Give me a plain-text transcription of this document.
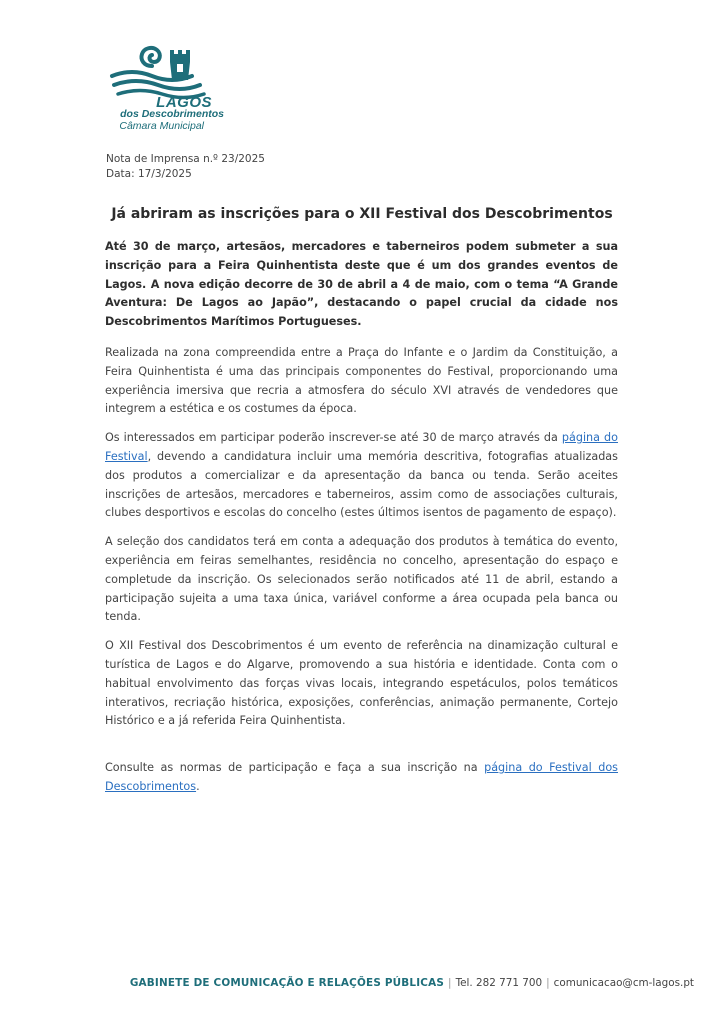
LAGOS
dos Descobrimentos
Câmara Municipal
Nota de Imprensa n.º 23/2025
Data: 17/3/2025
Já abriram as inscrições para o XII Festival dos Descobrimentos

Até 30 de março, artesãos, mercadores e taberneiros podem submeter a sua inscrição para a Feira Quinhentista deste que é um dos grandes eventos de Lagos. A nova edição decorre de 30 de abril a 4 de maio, com o tema “A Grande Aventura: De Lagos ao Japão”, destacando o papel crucial da cidade nos Descobrimentos Marítimos Portugueses.

Realizada na zona compreendida entre a Praça do Infante e o Jardim da Constituição, a Feira Quinhentista é uma das principais componentes do Festival, proporcionando uma experiência imersiva que recria a atmosfera do século XVI através de vendedores que integrem a estética e os costumes da época.

Os interessados em participar poderão inscrever-se até 30 de março através da página do Festival, devendo a candidatura incluir uma memória descritiva, fotografias atualizadas dos produtos a comercializar e da apresentação da banca ou tenda. Serão aceites inscrições de artesãos, mercadores e taberneiros, assim como de associações culturais, clubes desportivos e escolas do concelho (estes últimos isentos de pagamento de espaço).

A seleção dos candidatos terá em conta a adequação dos produtos à temática do evento, experiência em feiras semelhantes, residência no concelho, apresentação do espaço e completude da inscrição. Os selecionados serão notificados até 11 de abril, estando a participação sujeita a uma taxa única, variável conforme a área ocupada pela banca ou tenda.

O XII Festival dos Descobrimentos é um evento de referência na dinamização cultural e turística de Lagos e do Algarve, promovendo a sua história e identidade. Conta com o habitual envolvimento das forças vivas locais, integrando espetáculos, polos temáticos interativos, recriação histórica, exposições, conferências, animação permanente, Cortejo Histórico e a já referida Feira Quinhentista.

Consulte as normas de participação e faça a sua inscrição na página do Festival dos Descobrimentos.

GABINETE DE COMUNICAÇÃO E RELAÇÕES PÚBLICAS | Tel. 282 771 700 | comunicacao@cm-lagos.pt
